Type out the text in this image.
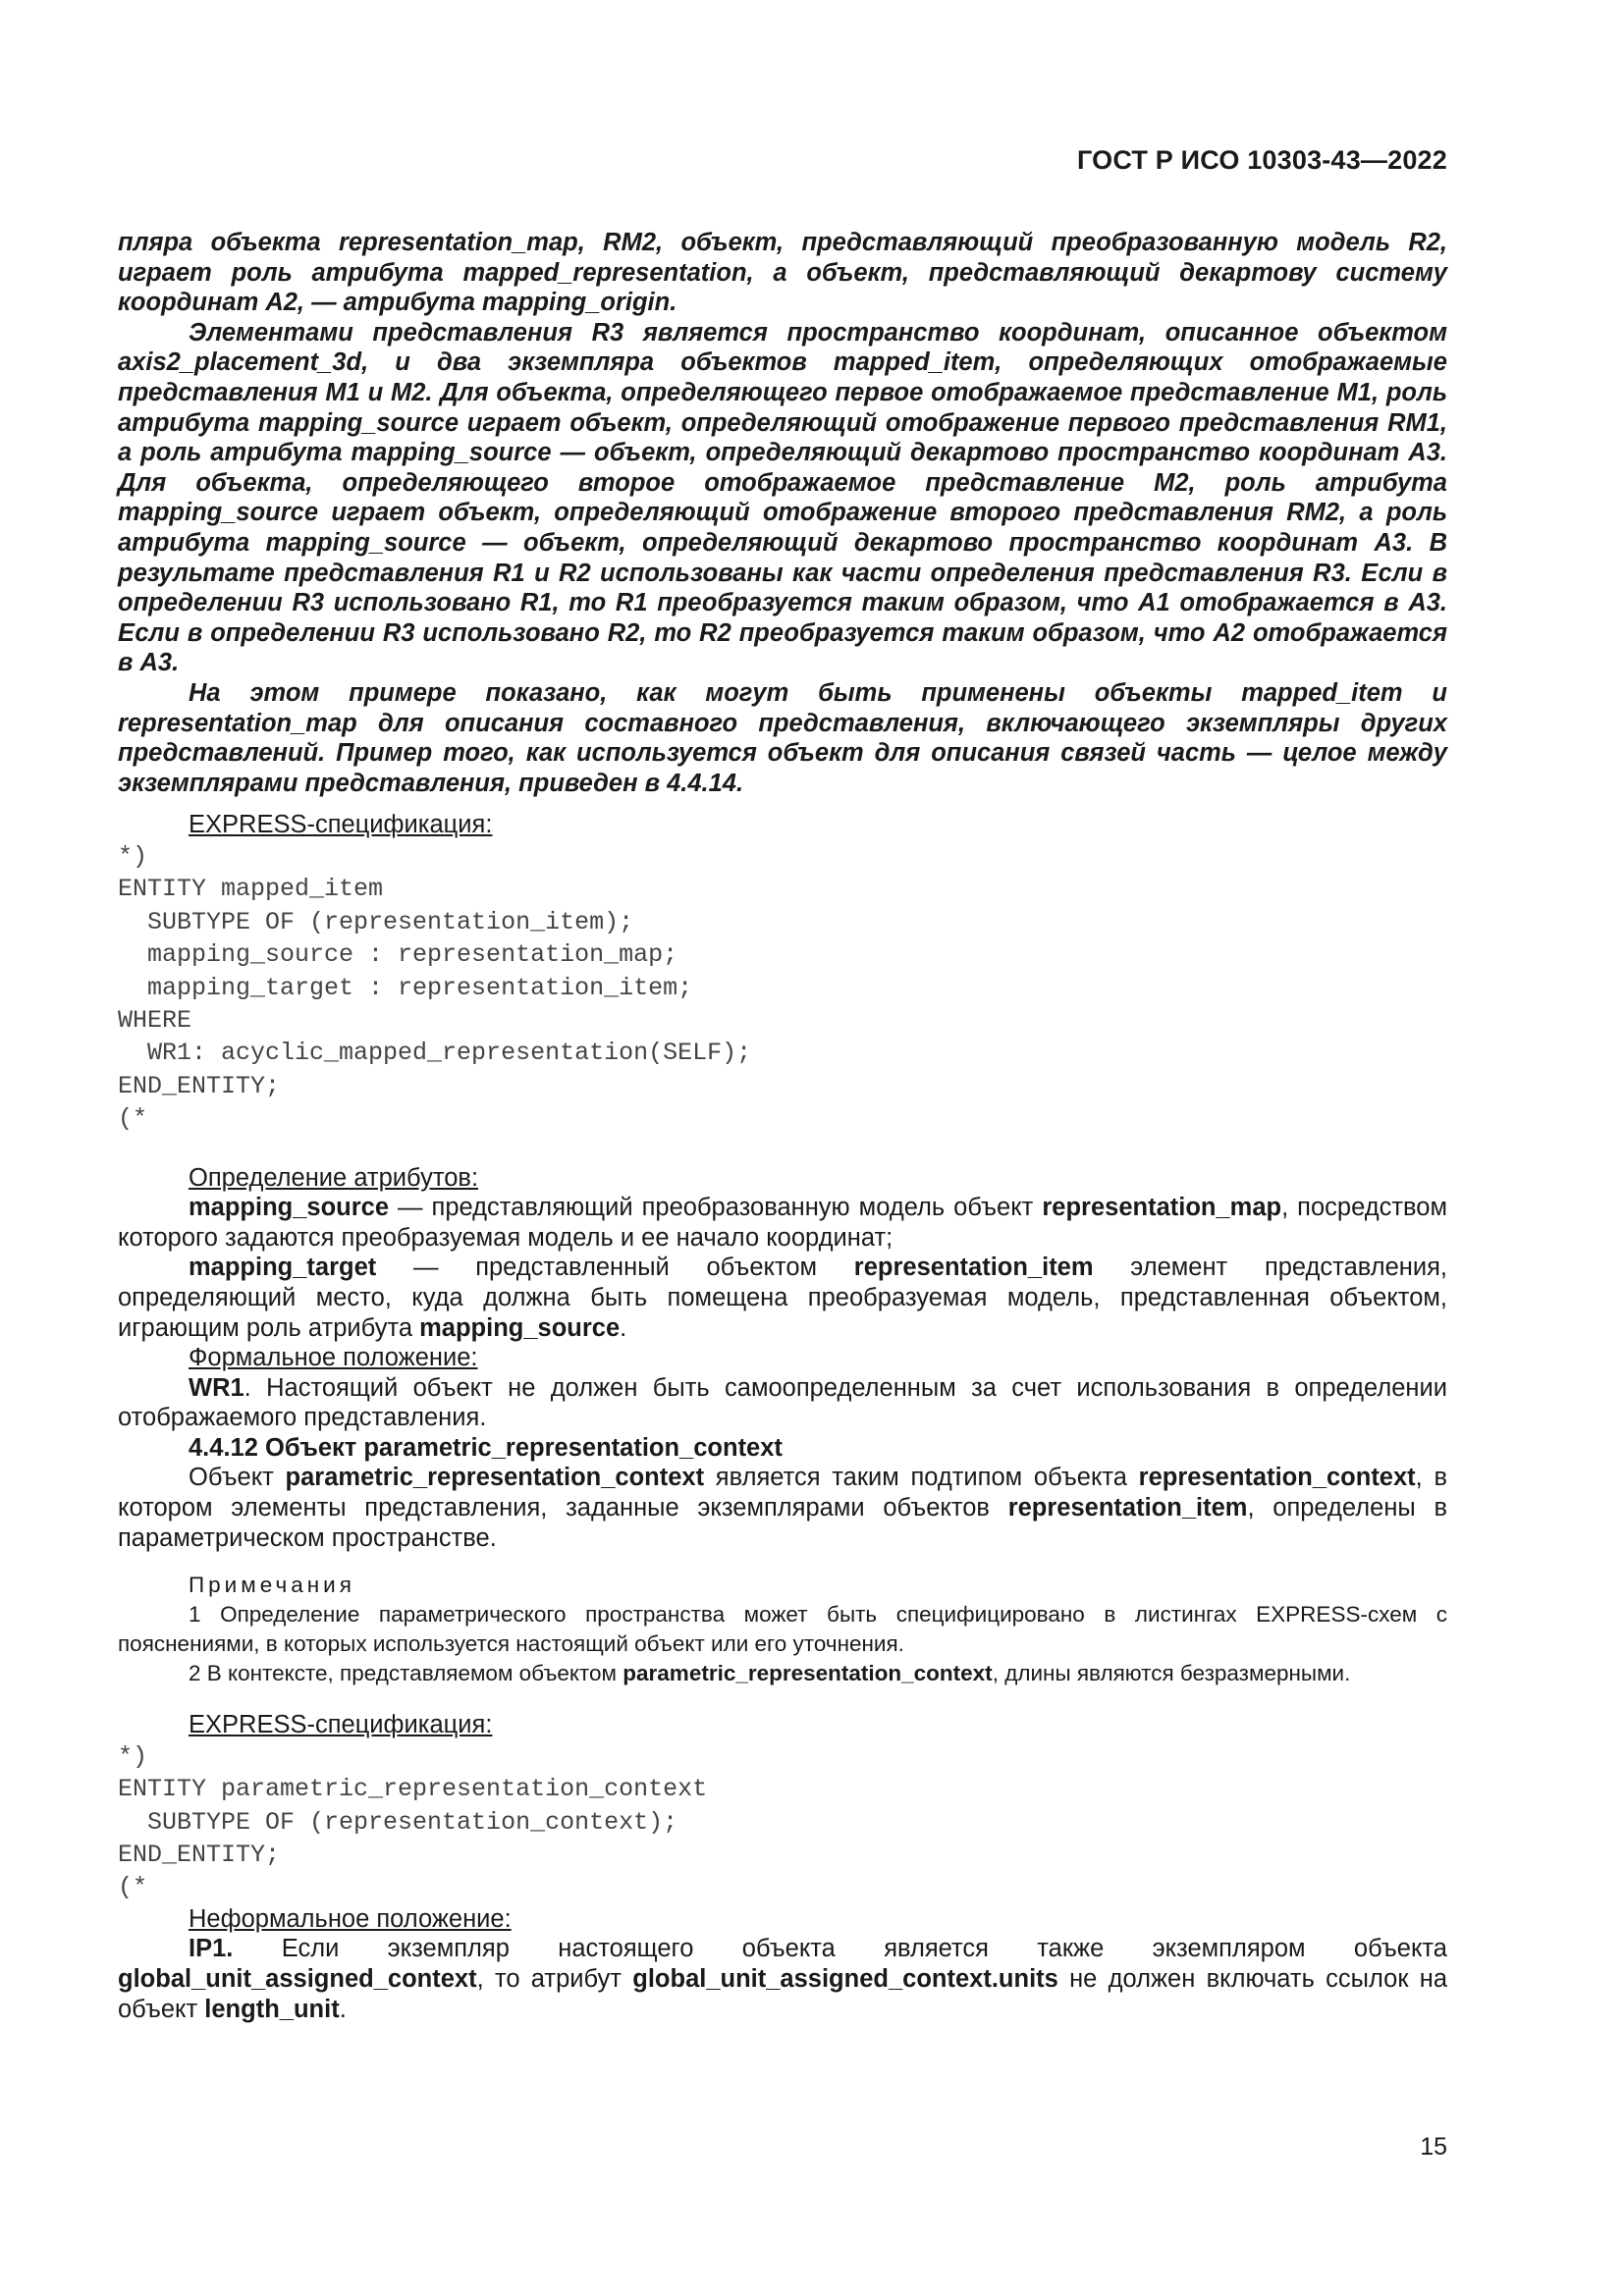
ГОСТ Р ИСО 10303-43—2022

пляра объекта representation_map, RM2, объект, представляющий преобразованную модель R2, играет роль атрибута mapped_representation, а объект, представляющий декартову систему координат A2, — атрибута mapping_origin.

Элементами представления R3 является пространство координат, описанное объектом axis2_placement_3d, и два экземпляра объектов mapped_item, определяющих отображаемые представления M1 и M2. Для объекта, определяющего первое отображаемое представление M1, роль атрибута mapping_source играет объект, определяющий отображение первого представления RM1, а роль атрибута mapping_source — объект, определяющий декартово пространство координат A3. Для объекта, определяющего второе отображаемое представление M2, роль атрибута mapping_source играет объект, определяющий отображение второго представления RM2, а роль атрибута mapping_source — объект, определяющий декартово пространство координат A3. В результате представления R1 и R2 использованы как части определения представления R3. Если в определении R3 использовано R1, то R1 преобразуется таким образом, что A1 отображается в A3. Если в определении R3 использовано R2, то R2 преобразуется таким образом, что A2 отображается в A3.

На этом примере показано, как могут быть применены объекты mapped_item и representation_map для описания составного представления, включающего экземпляры других представлений. Пример того, как используется объект для описания связей часть — целое между экземплярами представления, приведен в 4.4.14.

EXPRESS-спецификация:

*)
ENTITY mapped_item
SUBTYPE OF (representation_item);
mapping_source : representation_map;
mapping_target : representation_item;
WHERE
WR1: acyclic_mapped_representation(SELF);
END_ENTITY;
(*

Определение атрибутов:

mapping_source — представляющий преобразованную модель объект representation_map, посредством которого задаются преобразуемая модель и ее начало координат;

mapping_target — представленный объектом representation_item элемент представления, определяющий место, куда должна быть помещена преобразуемая модель, представленная объектом, играющим роль атрибута mapping_source.

Формальное положение:

WR1. Настоящий объект не должен быть самоопределенным за счет использования в определении отображаемого представления.

4.4.12 Объект parametric_representation_context

Объект parametric_representation_context является таким подтипом объекта representation_context, в котором элементы представления, заданные экземплярами объектов representation_item, определены в параметрическом пространстве.

Примечания

1 Определение параметрического пространства может быть специфицировано в листингах EXPRESS-схем с пояснениями, в которых используется настоящий объект или его уточнения.

2 В контексте, представляемом объектом parametric_representation_context, длины являются безразмерными.

EXPRESS-спецификация:

*)
ENTITY parametric_representation_context
SUBTYPE OF (representation_context);
END_ENTITY;
(*

Неформальное положение:

IP1. Если экземпляр настоящего объекта является также экземпляром объекта global_unit_assigned_context, то атрибут global_unit_assigned_context.units не должен включать ссылок на объект length_unit.

15
